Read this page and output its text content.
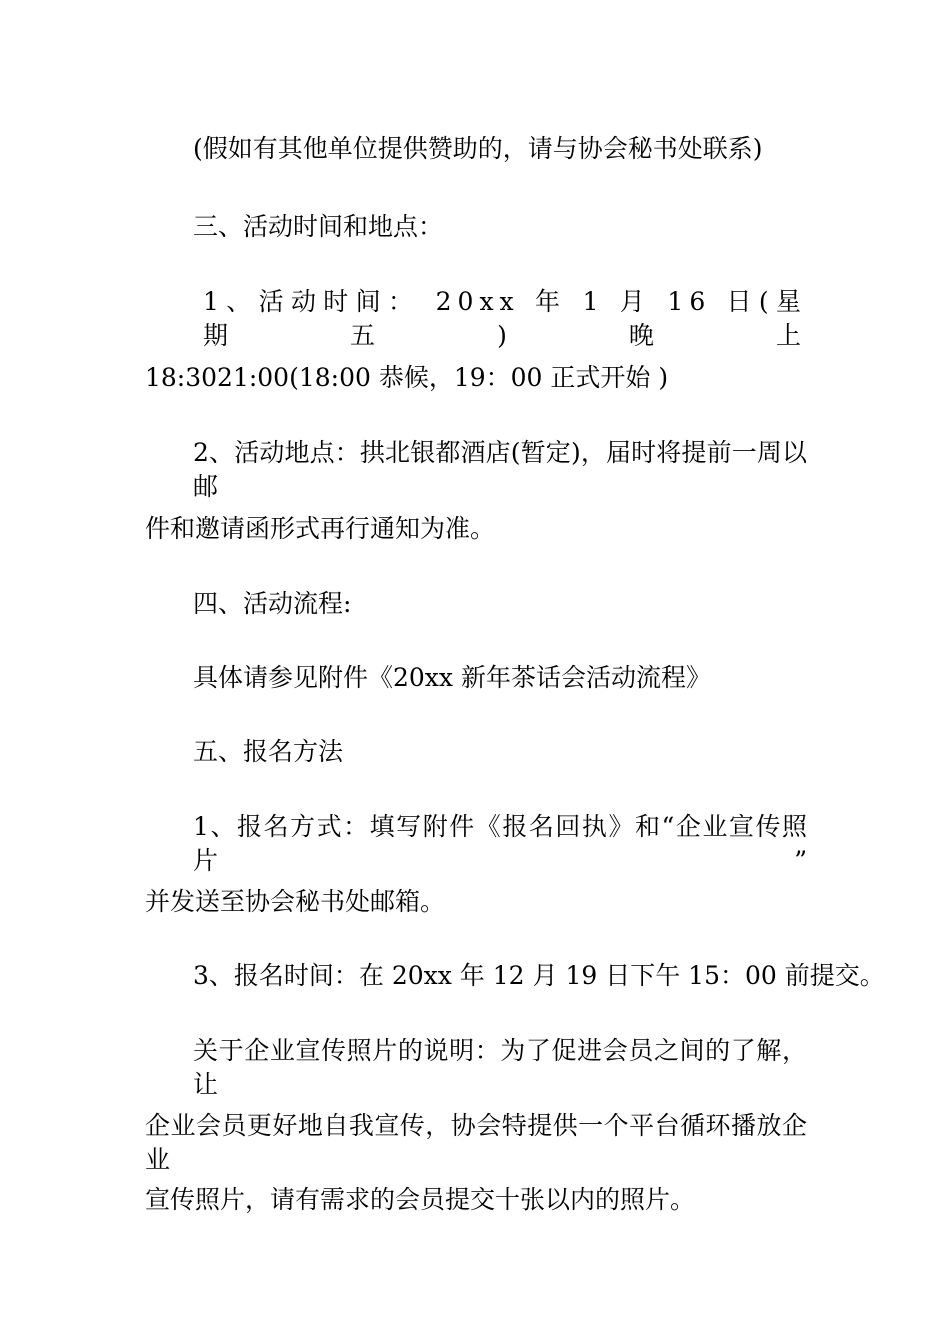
(假如有其他单位提供赞助的，请与协会秘书处联系)
三、活动时间和地点：
1、活动时间： 20xx 年 1 月 16 日(星期五)晚上
18:3021:00(18:00 恭候，19：00 正式开始 )
2、活动地点：拱北银都酒店(暂定)，届时将提前一周以邮
件和邀请函形式再行通知为准。
四、活动流程:
具体请参见附件《20xx 新年茶话会活动流程》
五、报名方法
1、报名方式：填写附件《报名回执》和“企业宣传照片”
并发送至协会秘书处邮箱。
3、报名时间：在 20xx 年 12 月 19 日下午 15：00 前提交。
关于企业宣传照片的说明：为了促进会员之间的了解，让
企业会员更好地自我宣传，协会特提供一个平台循环播放企业
宣传照片，请有需求的会员提交十张以内的照片。
